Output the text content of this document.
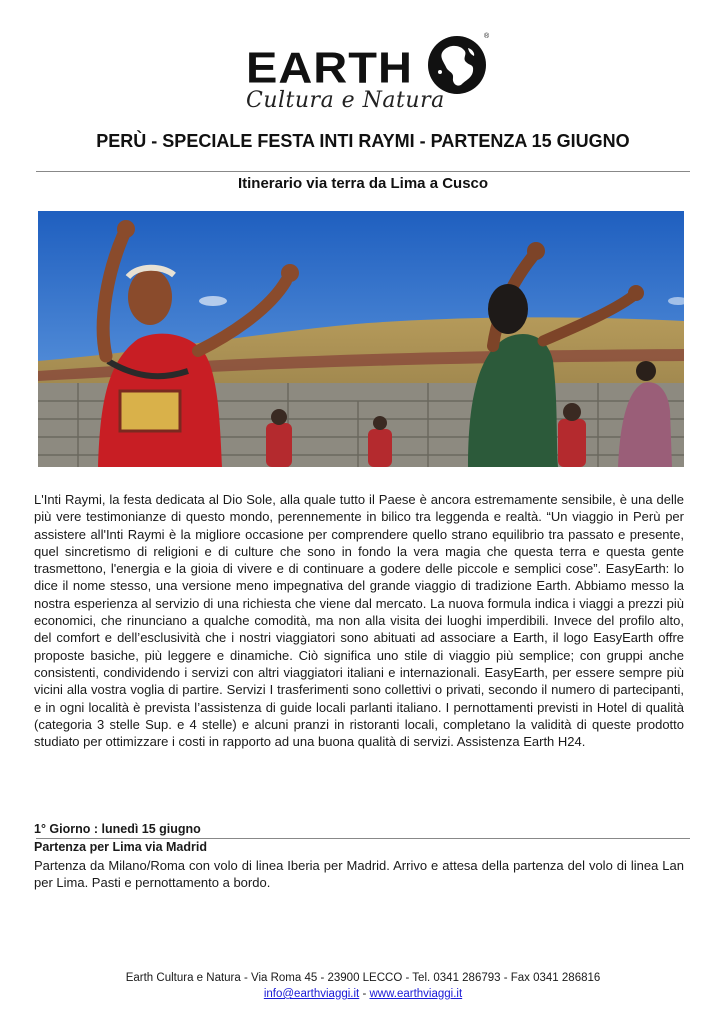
EARTH
®
Cultura e Natura
PERÙ - SPECIALE FESTA INTI RAYMI - PARTENZA 15 GIUGNO
Itinerario via terra da Lima a Cusco

L'Inti Raymi, la festa dedicata al Dio Sole, alla quale tutto il Paese è ancora estremamente sensibile, è una delle più vere testimonianze di questo mondo, perennemente in bilico tra leggenda e realtà. “Un viaggio in Perù per assistere all'Inti Raymi è la migliore occasione per comprendere quello strano equilibrio tra passato e presente, quel sincretismo di religioni e di culture che sono in fondo la vera magia che questa terra e questa gente trasmettono, l'energia e la gioia di vivere e di continuare a godere delle piccole e semplici cose”. EasyEarth: lo dice il nome stesso, una versione meno impegnativa del grande viaggio di tradizione Earth. Abbiamo messo la nostra esperienza al servizio di una richiesta che viene dal mercato. La nuova formula indica i viaggi a prezzi più economici, che rinunciano a qualche comodità, ma non alla visita dei luoghi imperdibili. Invece del profilo alto, del comfort e dell’esclusività che i nostri viaggiatori sono abituati ad associare a Earth, il logo EasyEarth offre proposte basiche, più leggere e dinamiche. Ciò significa uno stile di viaggio più semplice; con gruppi anche consistenti, condividendo i servizi con altri viaggiatori italiani e internazionali. EasyEarth, per essere sempre più vicini alla vostra voglia di partire. Servizi I trasferimenti sono collettivi o privati, secondo il numero di partecipanti, e in ogni località è prevista l’assistenza di guide locali parlanti italiano. I pernottamenti previsti in Hotel di qualità (categoria 3 stelle Sup. e 4 stelle) e alcuni pranzi in ristoranti locali, completano la validità di queste prodotto studiato per ottimizzare i costi in rapporto ad una buona qualità di servizi. Assistenza Earth H24.

1° Giorno : lunedì 15 giugno

Partenza per Lima via Madrid

Partenza da Milano/Roma con volo di linea Iberia per Madrid. Arrivo e attesa della partenza del volo di linea Lan per Lima. Pasti e pernottamento a bordo.

Earth Cultura e Natura - Via Roma 45 - 23900 LECCO - Tel. 0341 286793 - Fax 0341 286816

info@earthviaggi.it - www.earthviaggi.it
